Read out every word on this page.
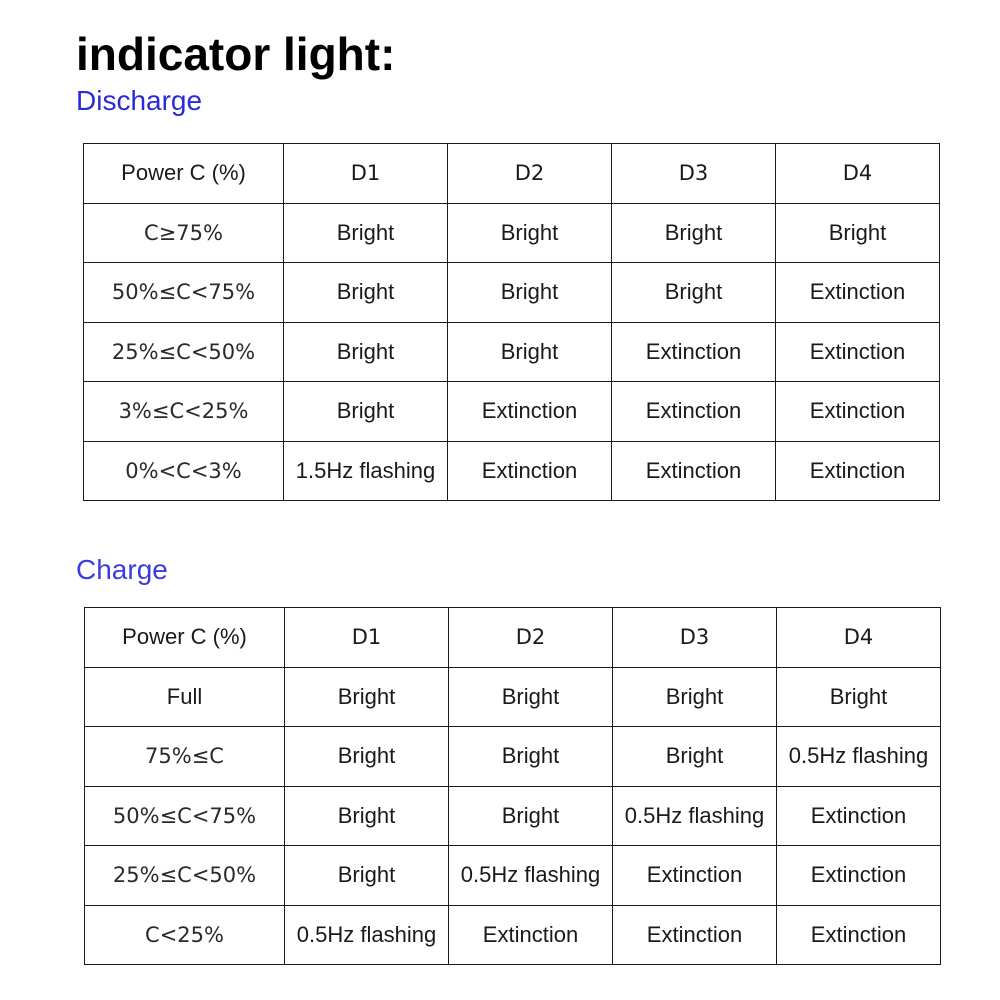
indicator light:
Discharge
Power C (%)	D1	D2	D3	D4
C≥75%	Bright	Bright	Bright	Bright
50%≤C<75%	Bright	Bright	Bright	Extinction
25%≤C<50%	Bright	Bright	Extinction	Extinction
3%≤C<25%	Bright	Extinction	Extinction	Extinction
0%<C<3%	1.5Hz flashing	Extinction	Extinction	Extinction
Charge
Power C (%)	D1	D2	D3	D4
Full	Bright	Bright	Bright	Bright
75%≤C	Bright	Bright	Bright	0.5Hz flashing
50%≤C<75%	Bright	Bright	0.5Hz flashing	Extinction
25%≤C<50%	Bright	0.5Hz flashing	Extinction	Extinction
C<25%	0.5Hz flashing	Extinction	Extinction	Extinction
